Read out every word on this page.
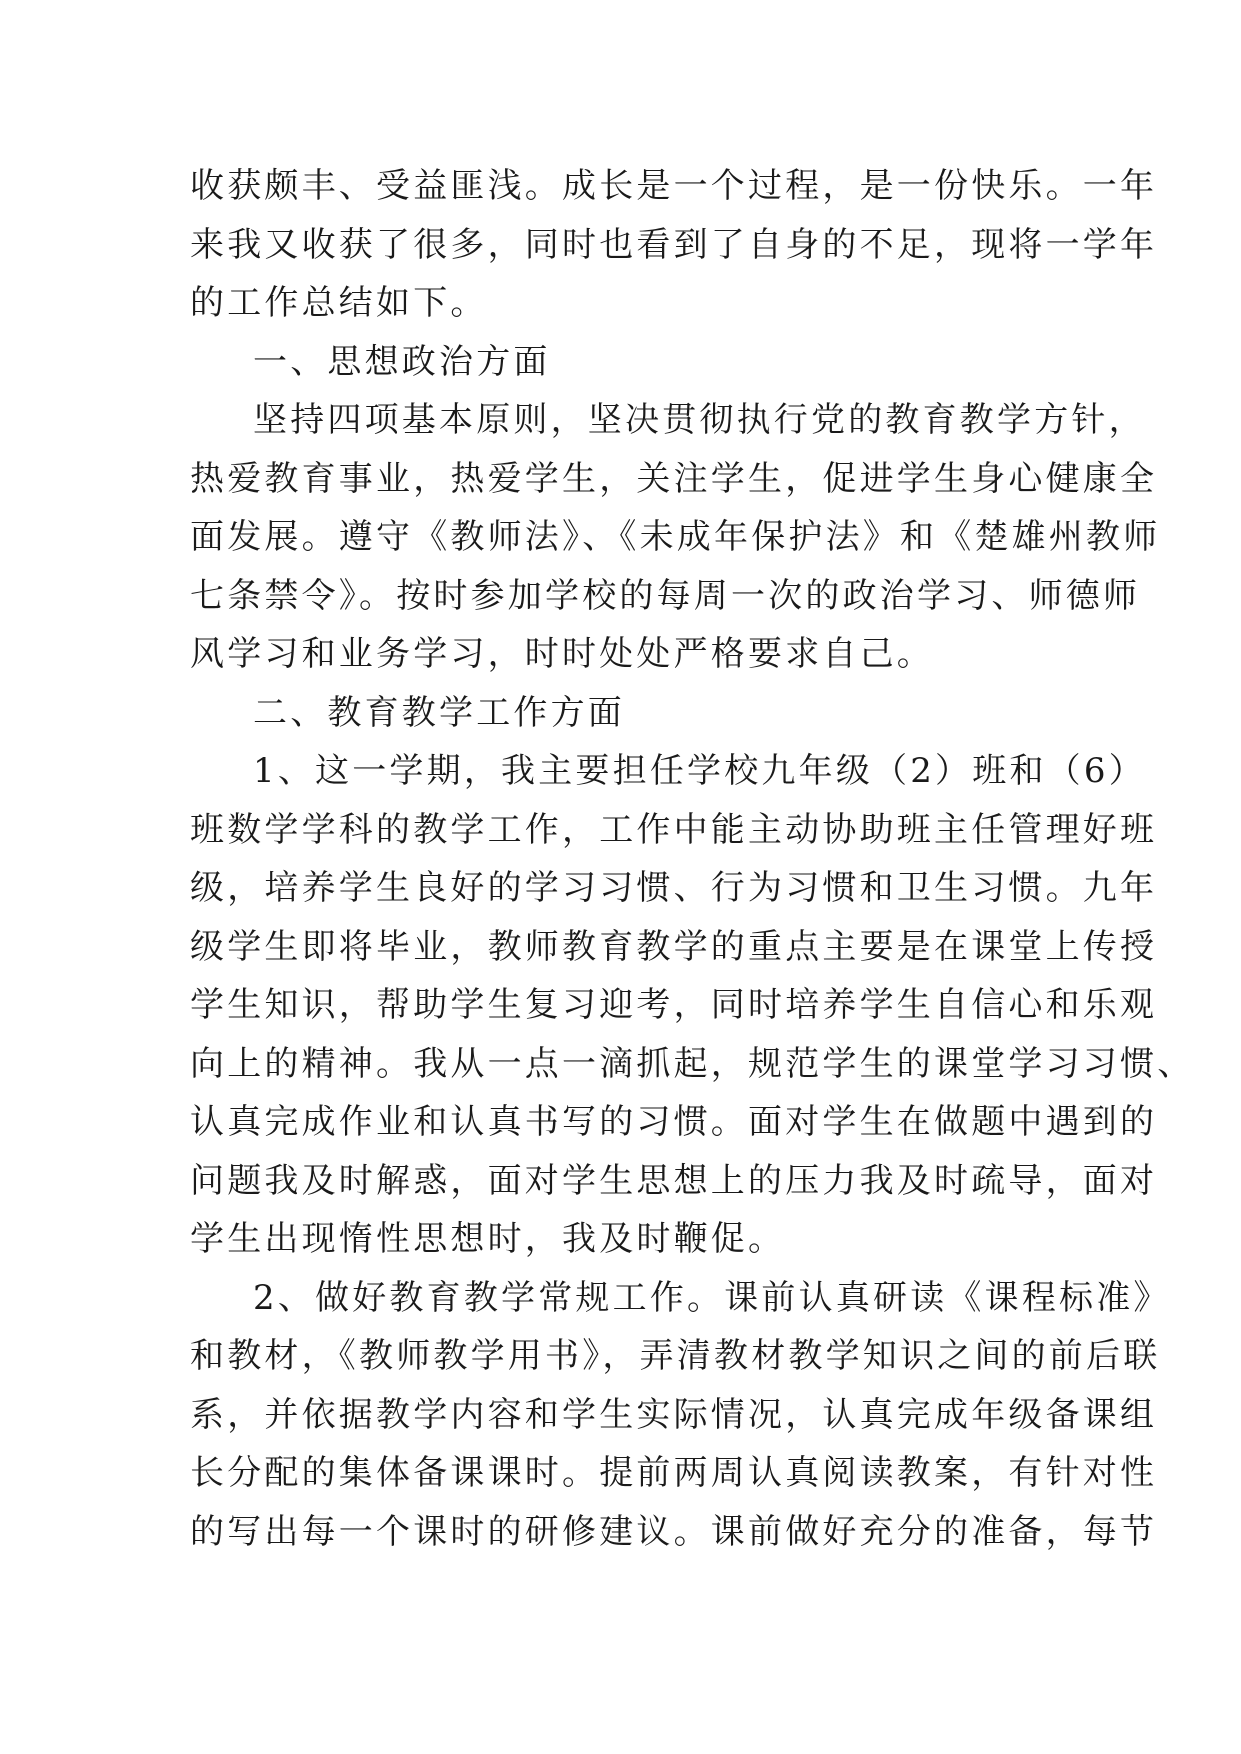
收获颇丰、受益匪浅。成长是一个过程，是一份快乐。一年
来我又收获了很多，同时也看到了自身的不足，现将一学年
的工作总结如下。
一、思想政治方面
坚持四项基本原则，坚决贯彻执行党的教育教学方针，
热爱教育事业，热爱学生，关注学生，促进学生身心健康全
面发展。遵守《教师法》、《未成年保护法》和《楚雄州教师
七条禁令》。按时参加学校的每周一次的政治学习、师德师
风学习和业务学习，时时处处严格要求自己。
二、教育教学工作方面
1、这一学期，我主要担任学校九年级（2）班和（6）
班数学学科的教学工作，工作中能主动协助班主任管理好班
级，培养学生良好的学习习惯、行为习惯和卫生习惯。九年
级学生即将毕业，教师教育教学的重点主要是在课堂上传授
学生知识，帮助学生复习迎考，同时培养学生自信心和乐观
向上的精神。我从一点一滴抓起，规范学生的课堂学习习惯、
认真完成作业和认真书写的习惯。面对学生在做题中遇到的
问题我及时解惑，面对学生思想上的压力我及时疏导，面对
学生出现惰性思想时，我及时鞭促。
2、做好教育教学常规工作。课前认真研读《课程标准》
和教材，《教师教学用书》，弄清教材教学知识之间的前后联
系，并依据教学内容和学生实际情况，认真完成年级备课组
长分配的集体备课课时。提前两周认真阅读教案，有针对性
的写出每一个课时的研修建议。课前做好充分的准备，每节
